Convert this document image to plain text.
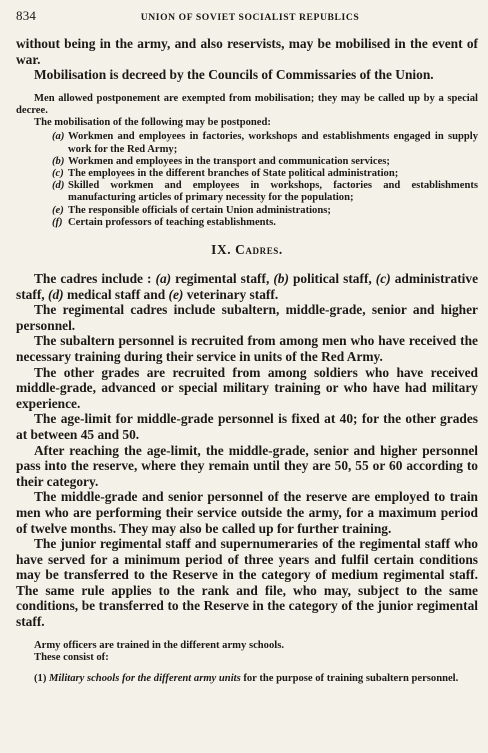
834	UNION OF SOVIET SOCIALIST REPUBLICS

without being in the army, and also reservists, may be mobilised in the event of war.

Mobilisation is decreed by the Councils of Commissaries of the Union.

Men allowed postponement are exempted from mobilisation; they may be called up by a special decree.

The mobilisation of the following may be postponed:

(a) Workmen and employees in factories, workshops and establishments engaged in supply work for the Red Army;
(b) Workmen and employees in the transport and communication services;
(c) The employees in the different branches of State political administration;
(d) Skilled workmen and employees in workshops, factories and establishments manufacturing articles of primary necessity for the population;
(e) The responsible officials of certain Union administrations;
(f) Certain professors of teaching establishments.
IX. Cadres.

The cadres include : (a) regimental staff, (b) political staff, (c) administrative staff, (d) medical staff and (e) veterinary staff.

The regimental cadres include subaltern, middle-grade, senior and higher personnel.

The subaltern personnel is recruited from among men who have received the necessary training during their service in units of the Red Army.

The other grades are recruited from among soldiers who have received middle-grade, advanced or special military training or who have had military experience.

The age-limit for middle-grade personnel is fixed at 40; for the other grades at between 45 and 50.

After reaching the age-limit, the middle-grade, senior and higher personnel pass into the reserve, where they remain until they are 50, 55 or 60 according to their category.

The middle-grade and senior personnel of the reserve are employed to train men who are performing their service outside the army, for a maximum period of twelve months. They may also be called up for further training.

The junior regimental staff and supernumeraries of the regimental staff who have served for a minimum period of three years and fulfil certain conditions may be transferred to the Reserve in the category of medium regimental staff. The same rule applies to the rank and file, who may, subject to the same conditions, be transferred to the Reserve in the category of the junior regimental staff.

Army officers are trained in the different army schools.

These consist of:

(1) Military schools for the different army units for the purpose of training subaltern personnel.
